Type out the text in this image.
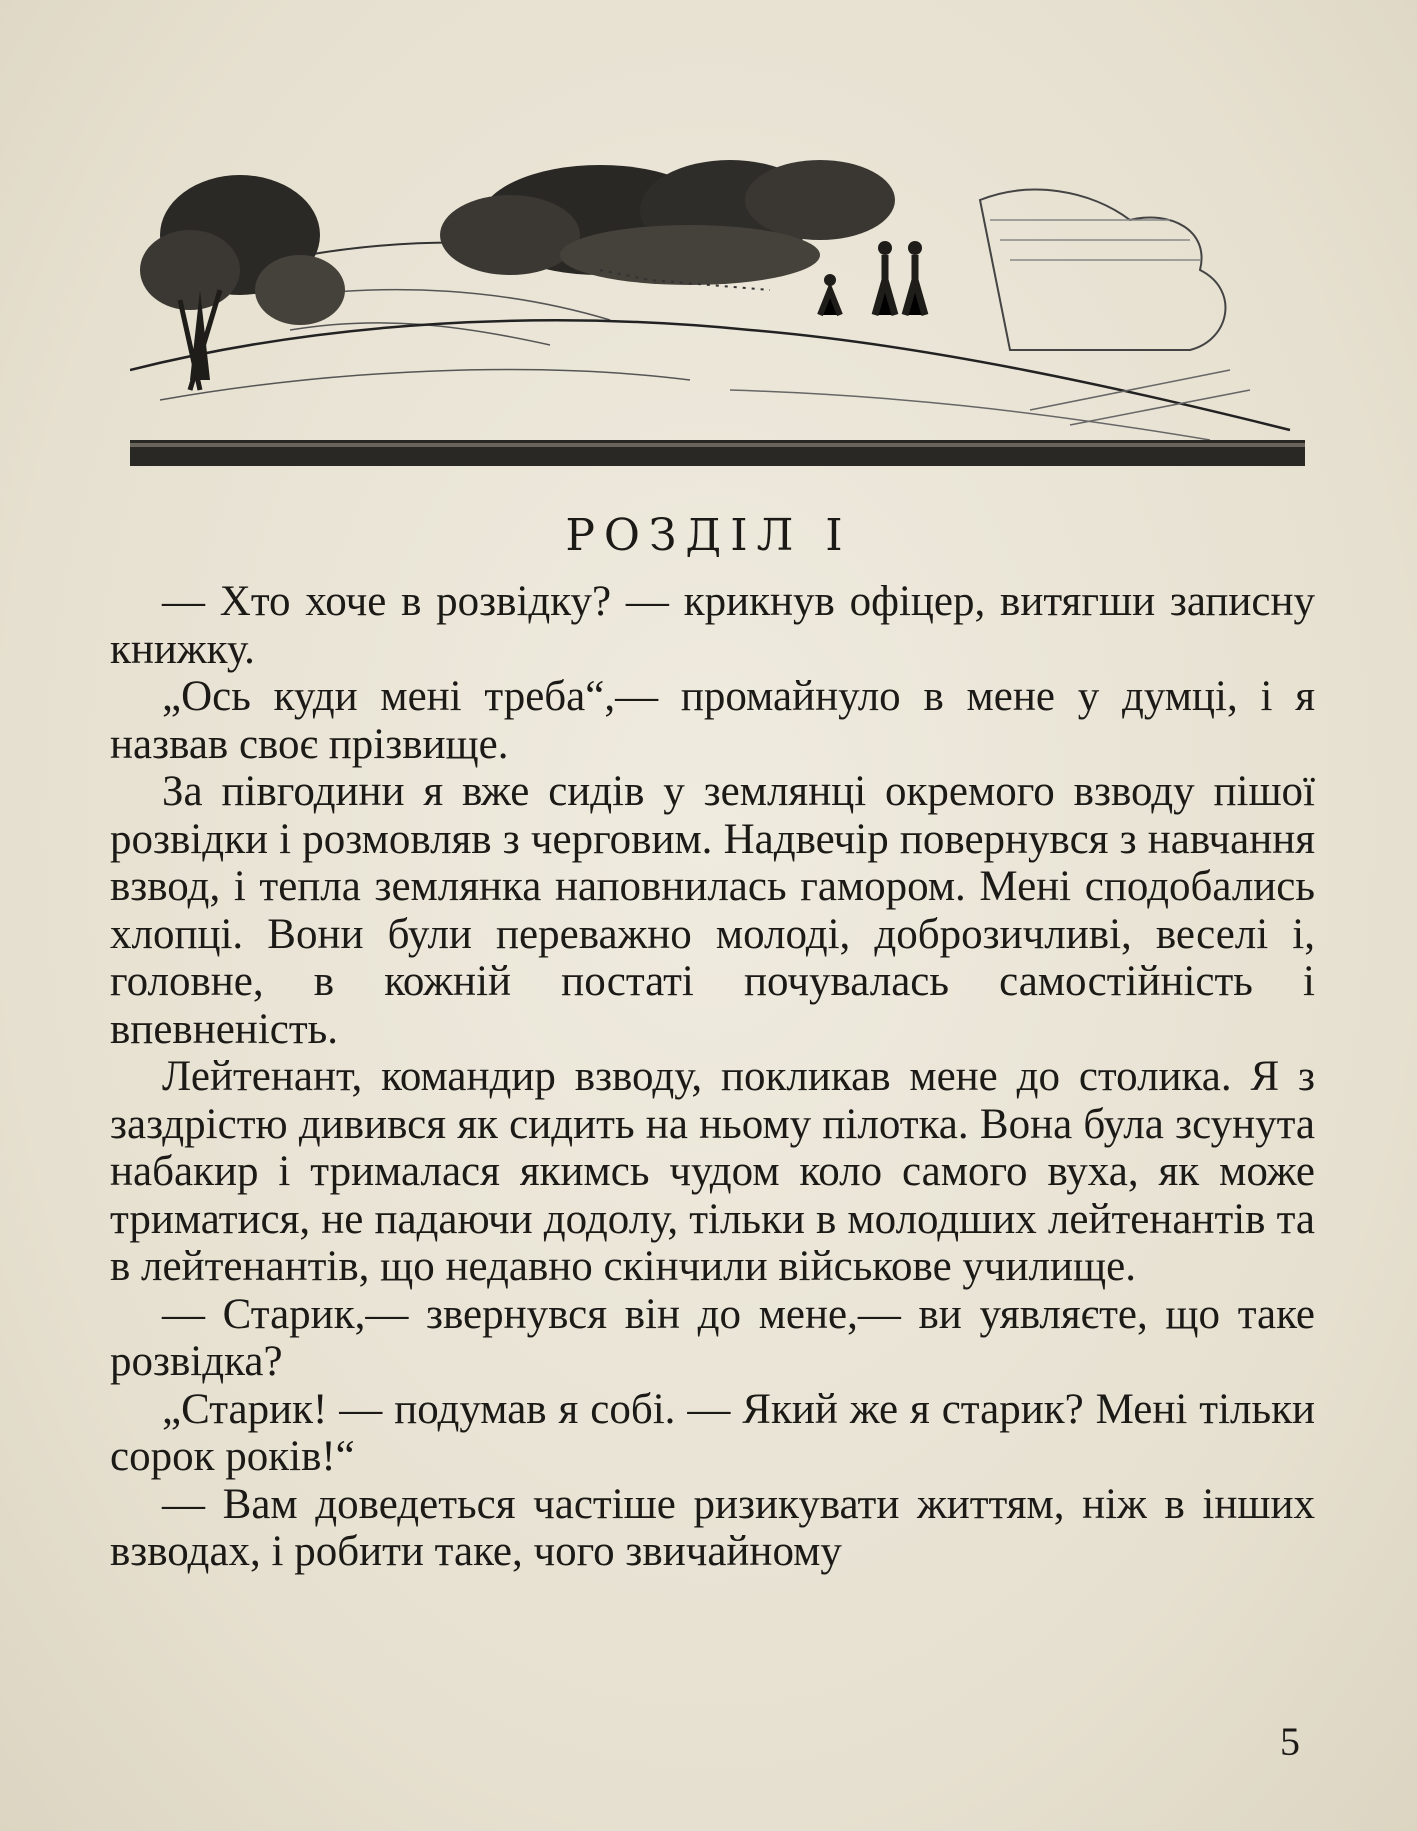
РОЗДІЛ І

— Хто хоче в розвідку? — крикнув офіцер, витягши записну книжку.

„Ось куди мені треба“,— промайнуло в мене у думці, і я назвав своє прізвище.

За півгодини я вже сидів у землянці окремого взводу пішої розвідки і розмовляв з черговим. Надвечір повернувся з навчання взвод, і тепла землянка наповнилась гамором. Мені сподобались хлопці. Вони були переважно молоді, доброзичливі, веселі і, головне, в кожній постаті почувалась самостійність і впевненість.

Лейтенант, командир взводу, покликав мене до столика. Я з заздрістю дивився як сидить на ньому пілотка. Вона була зсунута набакир і трималася якимсь чудом коло самого вуха, як може триматися, не падаючи додолу, тільки в молодших лейтенантів та в лейтенантів, що недавно скінчили військове училище.

— Старик,— звернувся він до мене,— ви уявляєте, що таке розвідка?

„Старик! — подумав я собі. — Який же я старик? Мені тільки сорок років!“

— Вам доведеться частіше ризикувати життям, ніж в інших взводах, і робити таке, чого звичайному

5
